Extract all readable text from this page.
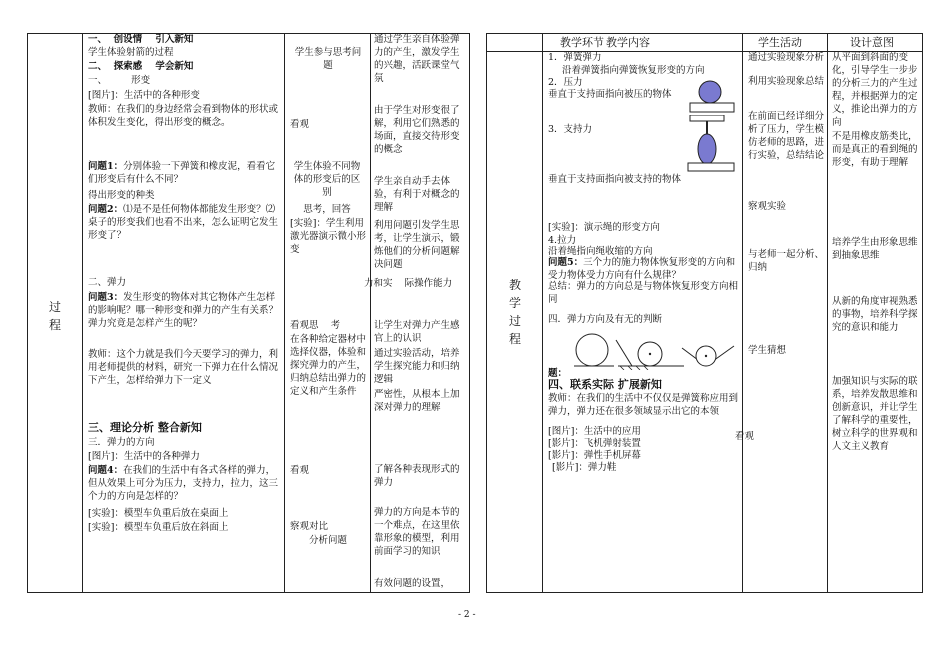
过程
一、  创设情    引入新知
学生体验射箭的过程
二、  探索感    学会新知
一、        形变
[图片]：生活中的各种形变
教师：在我们的身边经常会看到物体的形状或体积发生变化，得出形变的概念。
问题1：分别体验一下弹簧和橡皮泥，看看它们形变后有什么不同？
得出形变的种类
问题2：⑴是不是任何物体都能发生形变？⑵桌子的形变我们也看不出来，怎么证明它发生形变了？
二、弹力
问题3：发生形变的物体对其它物体产生怎样的影响呢？哪一种形变和弹力的产生有关系？弹力究竟是怎样产生的呢？
教师：这个力就是我们今天要学习的弹力，利用老师提供的材料，研究一下弹力在什么情况下产生，怎样给弹力下一定义
三、理论分析 整合新知
三．弹力的方向
[图片]：生活中的各种弹力
问题4：在我们的生活中有各式各样的弹力，但从效果上可分为压力，支持力，拉力，这三个力的方向是怎样的？
[实验]：模型车负重后放在桌面上
[实验]：模型车负重后放在斜面上
学生参与思考问题
看观
学生体验不同物体的形变后的区别
思考，回答
[实验]：学生利用激光器演示微小形变
看观思    考
在各种给定器材中选择仪器，体验和探究弹力的产生，归纳总结出弹力的定义和产生条件
看观
察观对比
分析问题
通过学生亲自体验弹力的产生，激发学生的兴趣，活跃课堂气氛
由于学生对形变很了解，利用它们熟悉的场面，直接交待形变的概念
学生亲自动手去体验，有利于对概念的理解
利用问题引发学生思考，让学生演示，锻炼他们的分析问题解决问题
力和实    际操作能力
让学生对弹力产生感官上的认识
通过实验活动，培养学生探究能力和归纳逻辑
严密性，从根本上加深对弹力的理解
了解各种表现形式的弹力
弹力的方向是本节的一个难点，在这里依靠形象的模型，利用前面学习的知识
有效问题的设置，
教学环节 教学内容	学生活动	设计意图
教学过程
1．弹簧弹力
沿着弹簧指向弹簧恢复形变的方向
2．压力
垂直于支持面指向被压的物体
3．支持力
垂直于支持面指向被支持的物体
[实验]：演示绳的形变方向
4.拉力
沿着绳指向绳收缩的方向
问题5：三个力的施力物体恢复形变的方向和受力物体受力方向有什么规律？
总结：弹力的方向总是与物体恢复形变方向相同
四．弹力方向及有无的判断
题：
四、联系实际 扩展新知
教师：在我们的生活中不仅仅是弹簧称应用到弹力，弹力还在很多领域显示出它的本领
[图片]：生活中的应用
[影片]：飞机弹射装置
[影片]：弹性手机屏幕
[影片]：弹力鞋
通过实验现象分析
利用实验现象总结
在前面已经详细分析了压力，学生模仿老师的思路，进行实验，总结结论
察观实验
与老师一起分析、归纳
学生猜想
看观
从平面到斜面的变化，引导学生一步步的分析三力的产生过程，并根据弹力的定义，推论出弹力的方向
不是用橡皮筋类比，而是真正的看到绳的形变，有助于理解
培养学生由形象思维到抽象思维
从新的角度审视熟悉的事物，培养科学探究的意识和能力
加强知识与实际的联系，培养发散思维和创新意识，并让学生了解科学的重要性，树立科学的世界观和人文主义教育
- 2 -
